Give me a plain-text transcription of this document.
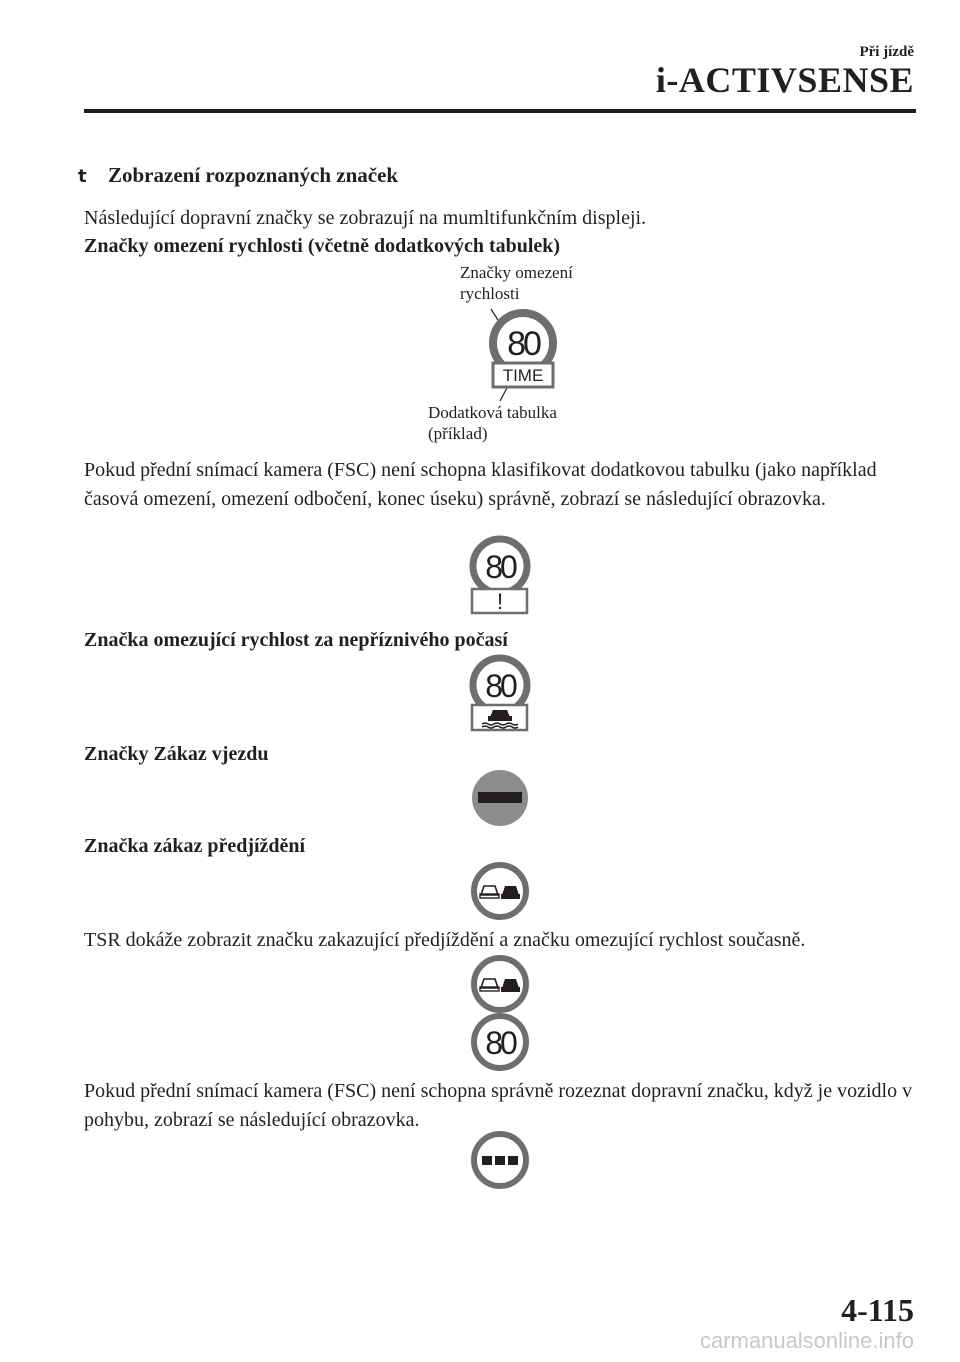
Při jízdě
i-ACTIVSENSE
t Zobrazení rozpoznaných značek
Následující dopravní značky se zobrazují na mumltifunkčním displeji.
Značky omezení rychlosti (včetně dodatkových tabulek)
Značky omezení
rychlosti
80
TIME
Dodatková tabulka
(příklad)
Pokud přední snímací kamera (FSC) není schopna klasifikovat dodatkovou tabulku (jako například časová omezení, omezení odbočení, konec úseku) správně, zobrazí se následující obrazovka.
80
!
Značka omezující rychlost za nepříznivého počasí
80
Značky Zákaz vjezdu
Značka zákaz předjíždění
TSR dokáže zobrazit značku zakazující předjíždění a značku omezující rychlost současně.
80
Pokud přední snímací kamera (FSC) není schopna správně rozeznat dopravní značku, když je vozidlo v pohybu, zobrazí se následující obrazovka.
4-115
carmanualsonline.info
